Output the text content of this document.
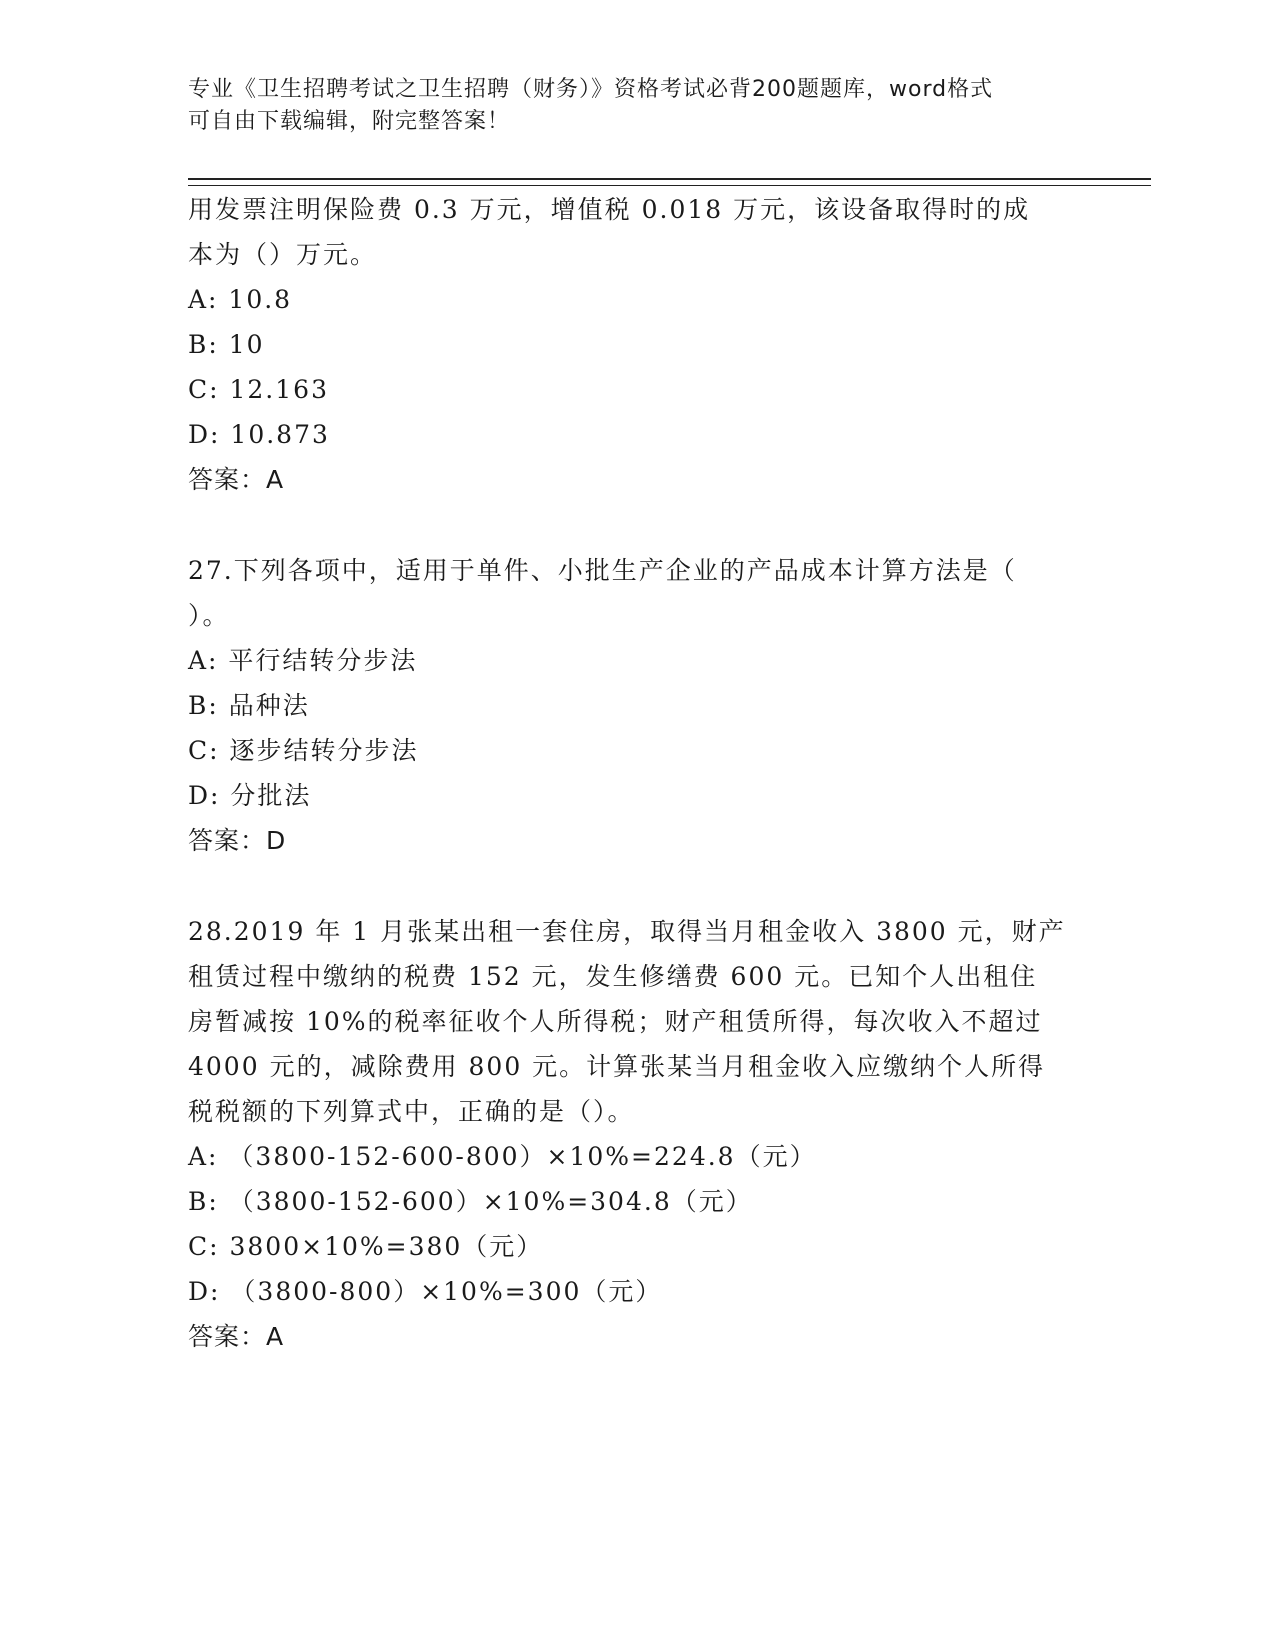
专业《卫生招聘考试之卫生招聘（财务）》资格考试必背200题题库，word格式
可自由下载编辑，附完整答案！
用发票注明保险费 0.3 万元，增值税 0.018 万元，该设备取得时的成
本为（）万元。
A: 10.8
B: 10
C: 12.163
D: 10.873
答案：A
27.下列各项中，适用于单件、小批生产企业的产品成本计算方法是（
）。
A: 平行结转分步法
B: 品种法
C: 逐步结转分步法
D: 分批法
答案：D
28.2019 年 1 月张某出租一套住房，取得当月租金收入 3800 元，财产
租赁过程中缴纳的税费 152 元，发生修缮费 600 元。已知个人出租住
房暂减按 10%的税率征收个人所得税；财产租赁所得，每次收入不超过
4000 元的，减除费用 800 元。计算张某当月租金收入应缴纳个人所得
税税额的下列算式中，正确的是（）。
A: （3800-152-600-800）×10%=224.8（元）
B: （3800-152-600）×10%=304.8（元）
C: 3800×10%=380（元）
D: （3800-800）×10%=300（元）
答案：A
